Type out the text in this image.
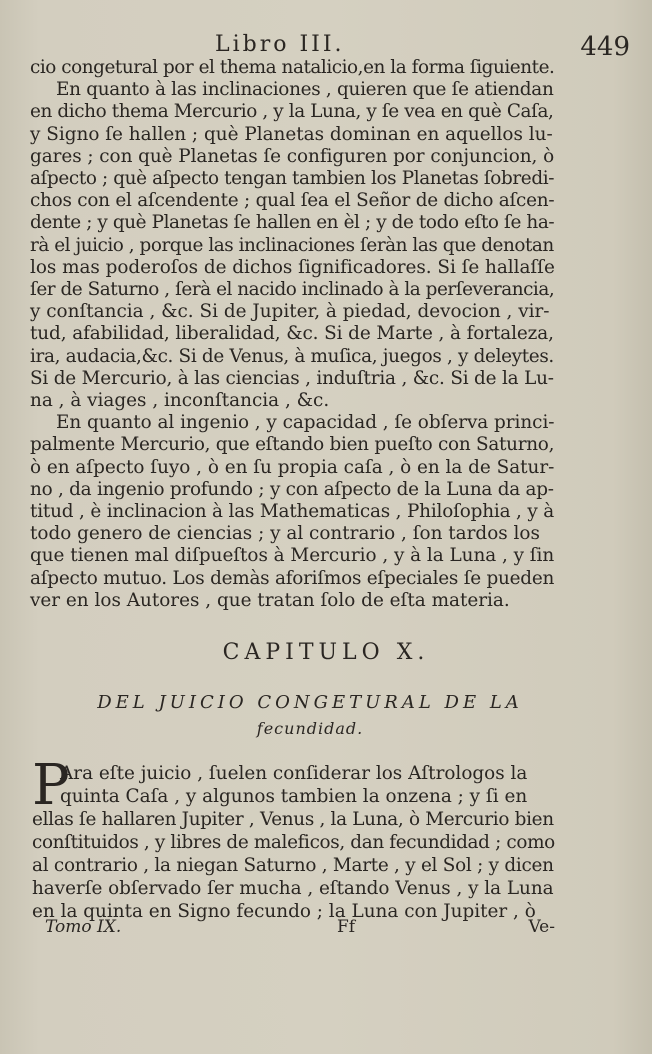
Libro III.	449
cio congetural por el thema natalicio,en la forma ſiguiente.
En quanto à las inclinaciones , quieren que ſe atiendan
en dicho thema Mercurio , y la Luna, y ſe vea en què Caſa,
y Signo ſe hallen ; què Planetas dominan en aquellos lu-
gares ; con què Planetas ſe configuren por conjuncion, ò
aſpecto ; què aſpecto tengan tambien los Planetas ſobredi-
chos con el aſcendente ; qual ſea el Señor de dicho aſcen-
dente ; y què Planetas ſe hallen en èl ; y de todo eſto ſe ha-
rà el juicio , porque las inclinaciones ſeràn las que denotan
los mas poderoſos de dichos ſignificadores. Si ſe hallaſſe
ſer de Saturno , ſerà el nacido inclinado à la perſeverancia,
y conſtancia , &c. Si de Jupiter, à piedad, devocion , vir-
tud, afabilidad, liberalidad, &c. Si de Marte , à fortaleza,
ira, audacia,&c. Si de Venus, à muſica, juegos , y deleytes.
Si de Mercurio, à las ciencias , induſtria , &c. Si de la Lu-
na , à viages , inconſtancia , &c.
En quanto al ingenio , y capacidad , ſe obſerva princi-
palmente Mercurio, que eſtando bien pueſto con Saturno,
ò en aſpecto ſuyo , ò en ſu propia caſa , ò en la de Satur-
no , da ingenio profundo ; y con aſpecto de la Luna da ap-
titud , è inclinacion à las Mathematicas , Philoſophia , y à
todo genero de ciencias ; y al contrario , ſon tardos los
que tienen mal diſpueſtos à Mercurio , y à la Luna , y ſin
aſpecto mutuo. Los demàs aforiſmos eſpeciales ſe pueden
ver en los Autores , que tratan ſolo de eſta materia.
CAPITULO X.
DEL JUICIO CONGETURAL DE LA
fecundidad.
P
Ara eſte juicio , ſuelen conſiderar los Aſtrologos la
quinta Caſa , y algunos tambien la onzena ; y ſi en
ellas ſe hallaren Jupiter , Venus , la Luna, ò Mercurio bien
conſtituidos , y libres de maleficos, dan fecundidad ; como
al contrario , la niegan Saturno , Marte , y el Sol ; y dicen
haverſe obſervado ſer mucha , eſtando Venus , y la Luna
en la quinta en Signo fecundo ; la Luna con Jupiter , ò
Tomo IX.	Ff	Ve-
